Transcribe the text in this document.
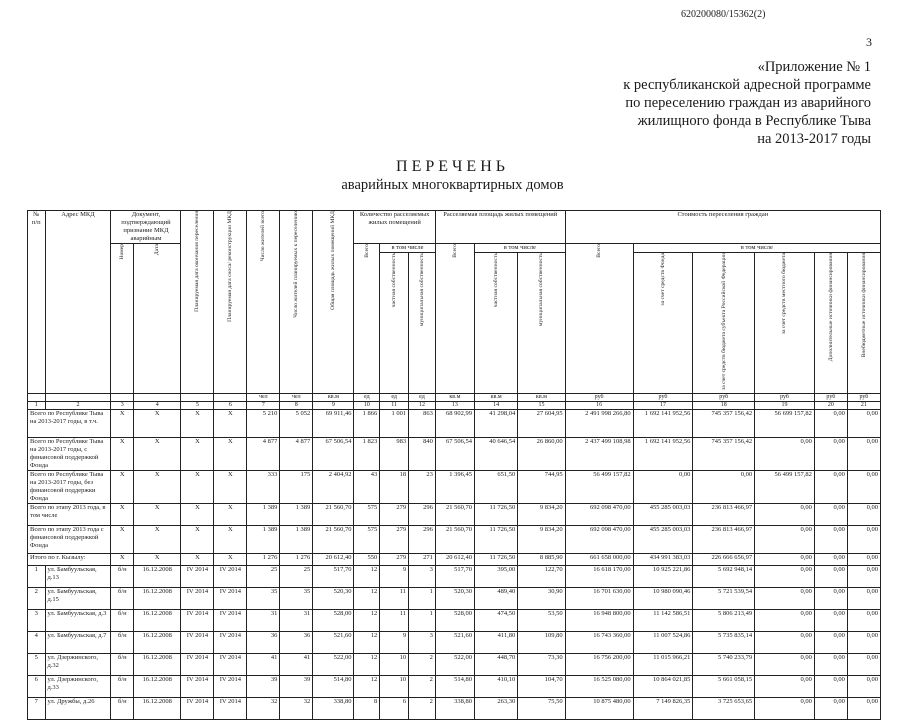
620200080/15362(2)
3
«Приложение № 1
к республиканской адресной программе
по переселению граждан из аварийного
жилищного фонда в Республике Тыва
на 2013-2017 годы
ПЕРЕЧЕНЬ
аварийных многоквартирных домов
№ п/п	Адрес МКД	Документ, подтверждающий признание МКД аварийным		Планируемая дата окончания переселения	Планируемая дата сноса/ реконструкции МКД	Число жителей всего	Число жителей планируемых к переселению	Общая площадь жилых помещений МКД	Количество расселяемых жилых помещений			Расселяемая площадь жилых помещений			Стоимость переселения граждан					
		Номер	Дата						Всего	в том числе		Всего	в том числе		Всего	в том числе				
										частная собственность	муниципальная собственность		частная собственность	муниципальная собственность		за счет средств Фонда	за счет средств бюджета субъекта Российской Федерации	за счет средств местного бюджета	Дополнительные источники финансирования	Внебюджетные источники финансирования
						чел	чел	кв.м	ед	ед	ед	кв.м	кв.м	кв.м	руб	руб	руб	руб	руб	руб
1	2	3	4	5	6	7	8	9	10	11	12	13	14	15	16	17	18	19	20	21
Всего по Республике Тыва на 2013-2017 годы, в т.ч.		X	X	X	X	5 210	5 052	69 911,46	1 866	1 001	863	68 902,99	41 298,04	27 604,95	2 491 998 266,80	1 692 141 952,56	745 357 156,42	56 699 157,82	0,00	0,00
Всего по Республике Тыва на 2013-2017 годы, с финансовой поддержкой Фонда		X	X	X	X	4 877	4 877	67 506,54	1 823	983	840	67 506,54	40 646,54	26 860,00	2 437 499 108,98	1 692 141 952,56	745 357 156,42	0,00	0,00	0,00
Всего по Республике Тыва на 2013-2017 годы, без финансовой поддержки Фонда		X	X	X	X	333	175	2 404,92	43	18	23	1 396,45	651,50	744,95	56 499 157,82	0,00	0,00	56 499 157,82	0,00	0,00
Всего по этапу 2013 года, в том числе		X	X	X	X	1 389	1 389	21 560,70	575	279	296	21 560,70	11 726,50	9 834,20	692 098 470,00	455 285 003,03	236 813 466,97	0,00	0,00	0,00
Всего по этапу 2013 года с финансовой поддержкой Фонда		X	X	X	X	1 389	1 389	21 560,70	575	279	296	21 560,70	11 726,50	9 834,20	692 098 470,00	455 285 003,03	236 813 466,97	0,00	0,00	0,00
Итого по г. Кызылу:		X	X	X	X	1 276	1 276	20 612,40	550	279	271	20 612,40	11 726,50	8 885,90	661 658 000,00	434 991 383,03	226 666 656,97	0,00	0,00	0,00
1	ул. Бамбуульская, д.13	б/н	16.12.2008	IV 2014	IV 2014	25	25	517,70	12	9	3	517,70	395,00	122,70	16 618 170,00	10 925 221,86	5 692 948,14	0,00	0,00	0,00
2	ул. Бамбуульская, д.15	б/н	16.12.2008	IV 2014	IV 2014	35	35	520,30	12	11	1	520,30	489,40	30,90	16 701 630,00	10 980 090,46	5 721 539,54	0,00	0,00	0,00
3	ул. Бамбуульская, д.3	б/н	16.12.2008	IV 2014	IV 2014	31	31	528,00	12	11	1	528,00	474,50	53,50	16 948 800,00	11 142 586,51	5 806 213,49	0,00	0,00	0,00
4	ул. Бамбуульская, д.7	б/н	16.12.2008	IV 2014	IV 2014	36	36	521,60	12	9	3	521,60	411,80	109,80	16 743 360,00	11 007 524,86	5 735 835,14	0,00	0,00	0,00
5	ул. Дзержинского, д.32	б/н	16.12.2008	IV 2014	IV 2014	41	41	522,00	12	10	2	522,00	448,70	73,30	16 756 200,00	11 015 966,21	5 740 233,79	0,00	0,00	0,00
6	ул. Дзержинского, д.33	б/н	16.12.2008	IV 2014	IV 2014	39	39	514,80	12	10	2	514,80	410,10	104,70	16 525 080,00	10 864 021,85	5 661 058,15	0,00	0,00	0,00
7	ул. Дружбы, д.26	б/н	16.12.2008	IV 2014	IV 2014	32	32	338,80	8	6	2	338,80	263,30	75,50	10 875 480,00	7 149 826,35	3 725 653,65	0,00	0,00	0,00
